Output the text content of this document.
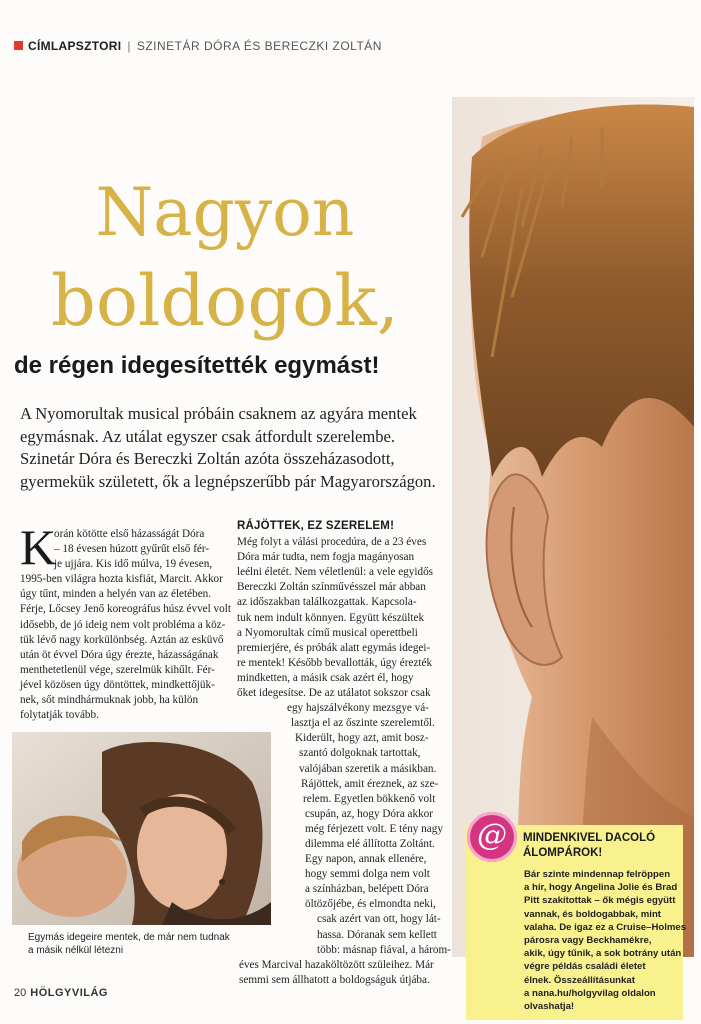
CÍMLAPSZTORI | SZINETÁR DÓRA ÉS BERECZKI ZOLTÁN
Nagyon
boldogok,
de régen idegesítették egymást!

A Nyomorultak musical próbáin csaknem az agyára mentek

egymásnak. Az utálat egyszer csak átfordult szerelembe.

Szinetár Dóra és Bereczki Zoltán azóta összeházasodott,

gyermekük született, ők a legnépszerűbb pár Magyarországon.

K

orán kötötte első házasságát Dóra

– 18 évesen húzott gyűrűt első fér-

je ujjára. Kis idő múlva, 19 évesen,

1995-ben világra hozta kisfiát, Marcit. Akkor

úgy tűnt, minden a helyén van az életében.

Férje, Lőcsey Jenő koreográfus húsz évvel volt

idősebb, de jó ideig nem volt probléma a köz-

tük lévő nagy korkülönbség. Aztán az esküvő

után öt évvel Dóra úgy érezte, házasságának

menthetetlenül vége, szerelmük kihűlt. Fér-

jével közösen úgy döntöttek, mindkettőjük-

nek, sőt mindhármuknak jobb, ha külön

folytatják tovább.

RÁJÖTTEK, EZ SZERELEM!

Még folyt a válási procedúra, de a 23 éves

Dóra már tudta, nem fogja magányosan

leélni életét. Nem véletlenül: a vele egyidős

Bereczki Zoltán színművésszel már abban

az időszakban találkozgattak. Kapcsola-

tuk nem indult könnyen. Együtt készültek

a Nyomorultak című musical operettbeli

premierjére, és próbák alatt egymás idegei-

re mentek! Később bevallották, úgy érezték

mindketten, a másik csak azért él, hogy

őket idegesítse. De az utálatot sokszor csak

egy hajszálvékony mezsgye vá-

lasztja el az őszinte szerelemtől.

Kiderült, hogy azt, amit bosz-

szantó dolgoknak tartottak,

valójában szeretik a másikban.

Rájöttek, amit éreznek, az sze-

relem. Egyetlen bökkenő volt

csupán, az, hogy Dóra akkor

még férjezett volt. E tény nagy

dilemma elé állította Zoltánt.

Egy napon, annak ellenére,

hogy semmi dolga nem volt

a színházban, belépett Dóra

öltözőjébe, és elmondta neki,

csak azért van ott, hogy lát-

hassa. Dóranak sem kellett

több: másnap fiával, a három-

éves Marcival hazaköltözött szüleihez. Már

semmi sem állhatott a boldogságuk útjába.

Egymás idegeire mentek, de már nem tudnak

a másik nélkül létezni

20 HÖLGYVILÁG
@	MINDENKIVEL DACOLÓ

ÁLOMPÁROK!

Bár szinte mindennap felröppen

a hír, hogy Angelina Jolie és Brad

Pitt szakítottak – ők mégis együtt

vannak, és boldogabbak, mint

valaha. De igaz ez a Cruise–Holmes

párosra vagy Beckhamékre,

akik, úgy tűnik, a sok botrány után

végre példás családi életet

élnek. Összeállításunkat

a nana.hu/holgyvilag oldalon

olvashatja!
